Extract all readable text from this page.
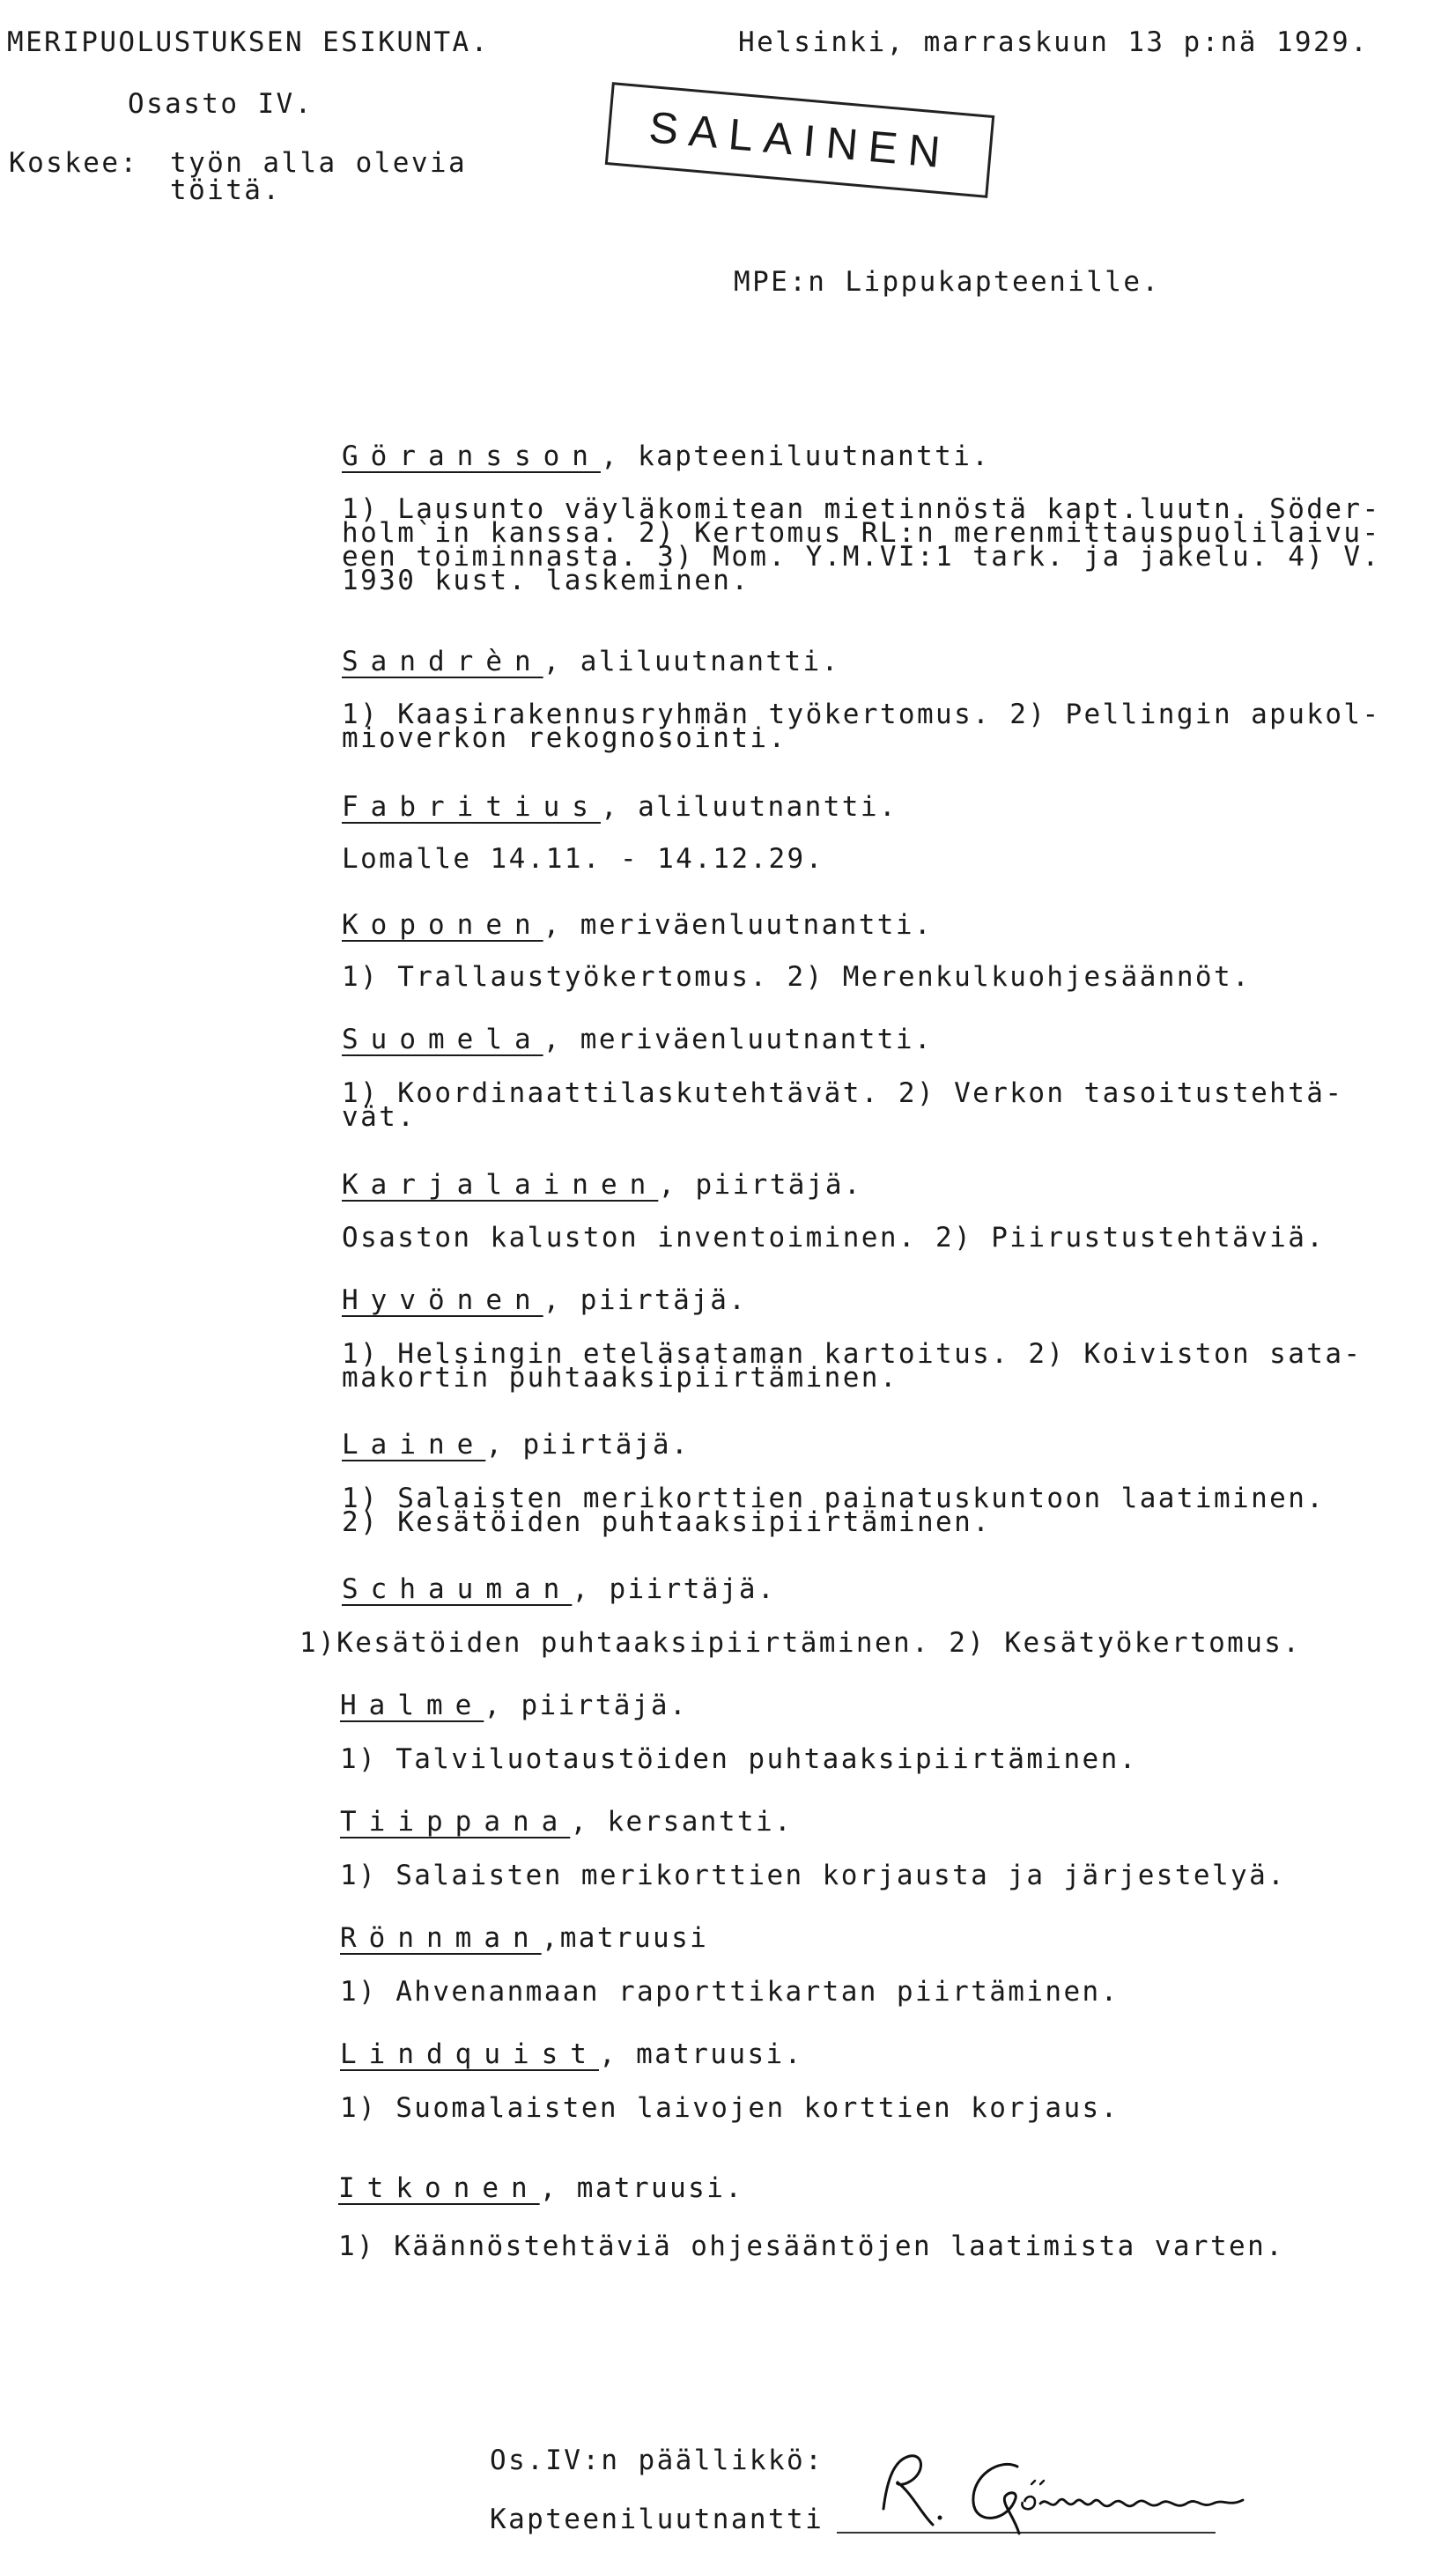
MERIPUOLUSTUKSEN ESIKUNTA.	Helsinki, marraskuun 13 p:nä 1929.
Osasto IV.
Koskee: työn alla olevia
töitä.
SALAINEN
MPE:n Lippukapteenille.
Göransson, kapteeniluutnantti.
1) Lausunto väyläkomitean mietinnöstä kapt.luutn. Söder-
holm`in kanssa. 2) Kertomus RL:n merenmittauspuolilaivu-
een toiminnasta. 3) Mom. Y.M.VI:1 tark. ja jakelu. 4) V.
1930 kust. laskeminen.
Sandrèn, aliluutnantti.
1) Kaasirakennusryhmän työkertomus. 2) Pellingin apukol-
mioverkon rekognosointi.
Fabritius, aliluutnantti.
Lomalle 14.11. - 14.12.29.
Koponen, meriväenluutnantti.
1) Trallaustyökertomus. 2) Merenkulkuohjesäännöt.
Suomela, meriväenluutnantti.
1) Koordinaattilaskutehtävät. 2) Verkon tasoitustehtä-
vät.
Karjalainen, piirtäjä.
Osaston kaluston inventoiminen. 2) Piirustustehtäviä.
Hyvönen, piirtäjä.
1) Helsingin eteläsataman kartoitus. 2) Koiviston sata-
makortin puhtaaksipiirtäminen.
Laine, piirtäjä.
1) Salaisten merikorttien painatuskuntoon laatiminen.
2) Kesätöiden puhtaaksipiirtäminen.
Schauman, piirtäjä.
1)Kesätöiden puhtaaksipiirtäminen. 2) Kesätyökertomus.
Halme, piirtäjä.
1) Talviluotaustöiden puhtaaksipiirtäminen.
Tiippana, kersantti.
1) Salaisten merikorttien korjausta ja järjestelyä.
Rönnman,matruusi
1) Ahvenanmaan raporttikartan piirtäminen.
Lindquist, matruusi.
1) Suomalaisten laivojen korttien korjaus.
Itkonen, matruusi.
1) Käännöstehtäviä ohjesääntöjen laatimista varten.
Os.IV:n päällikkö:
Kapteeniluutnantti
